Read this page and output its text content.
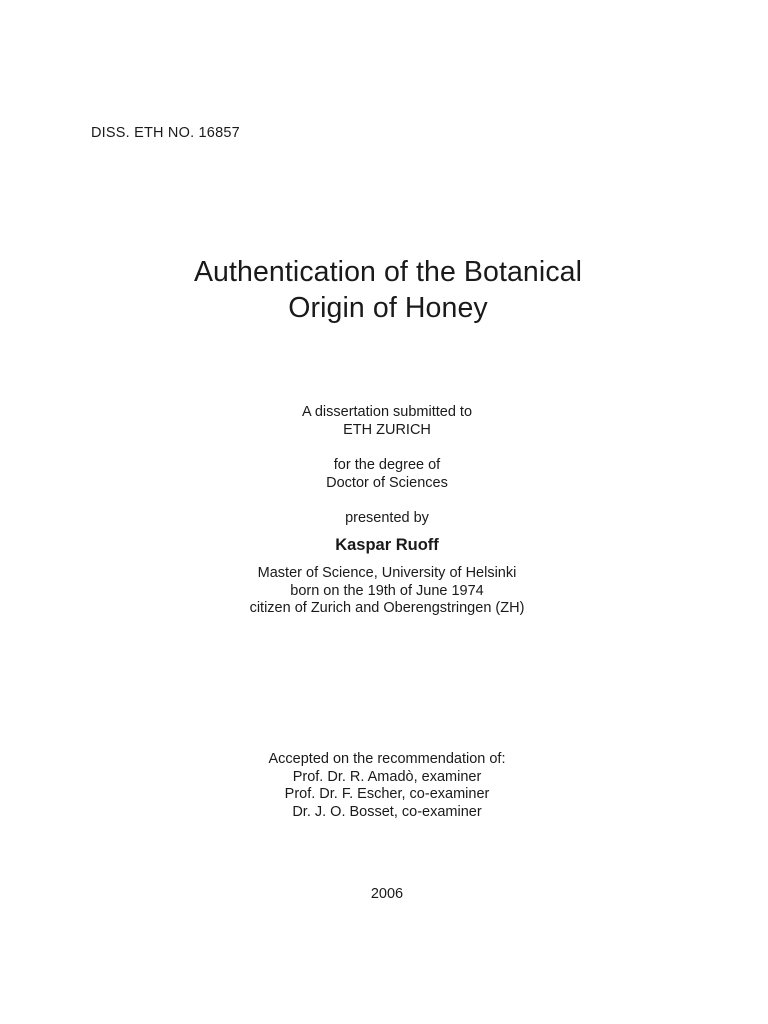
DISS. ETH NO. 16857
Authentication of the Botanical
Origin of Honey
A dissertation submitted to
ETH ZURICH
for the degree of
Doctor of Sciences
presented by
Kaspar Ruoff
Master of Science, University of Helsinki
born on the 19th of June 1974
citizen of Zurich and Oberengstringen (ZH)
Accepted on the recommendation of:
Prof. Dr. R. Amadò, examiner
Prof. Dr. F. Escher, co-examiner
Dr. J. O. Bosset, co-examiner
2006
